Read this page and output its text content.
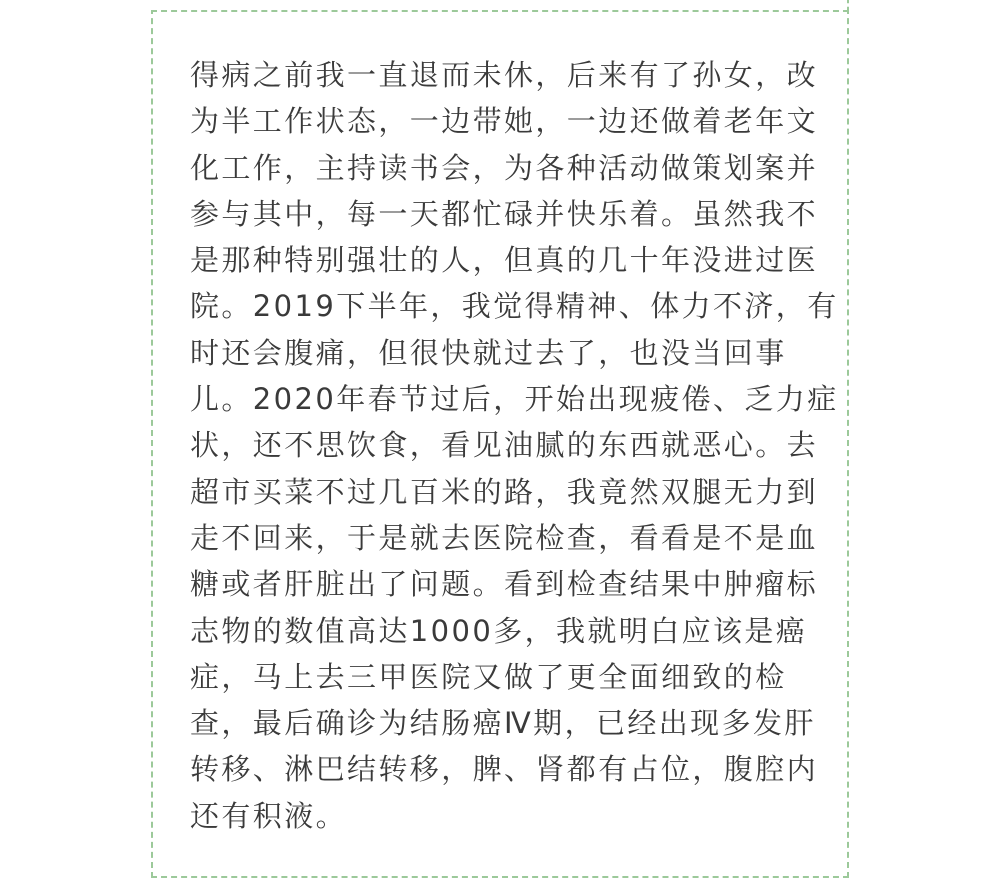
得病之前我一直退而未休，后来有了孙女，改
为半工作状态，一边带她，一边还做着老年文
化工作，主持读书会，为各种活动做策划案并
参与其中，每一天都忙碌并快乐着。虽然我不
是那种特别强壮的人，但真的几十年没进过医
院。2019下半年，我觉得精神、体力不济，有
时还会腹痛，但很快就过去了，也没当回事
儿。2020年春节过后，开始出现疲倦、乏力症
状，还不思饮食，看见油腻的东西就恶心。去
超市买菜不过几百米的路，我竟然双腿无力到
走不回来，于是就去医院检查，看看是不是血
糖或者肝脏出了问题。看到检查结果中肿瘤标
志物的数值高达1000多，我就明白应该是癌
症，马上去三甲医院又做了更全面细致的检
查，最后确诊为结肠癌Ⅳ期，已经出现多发肝
转移、淋巴结转移，脾、肾都有占位，腹腔内
还有积液。
